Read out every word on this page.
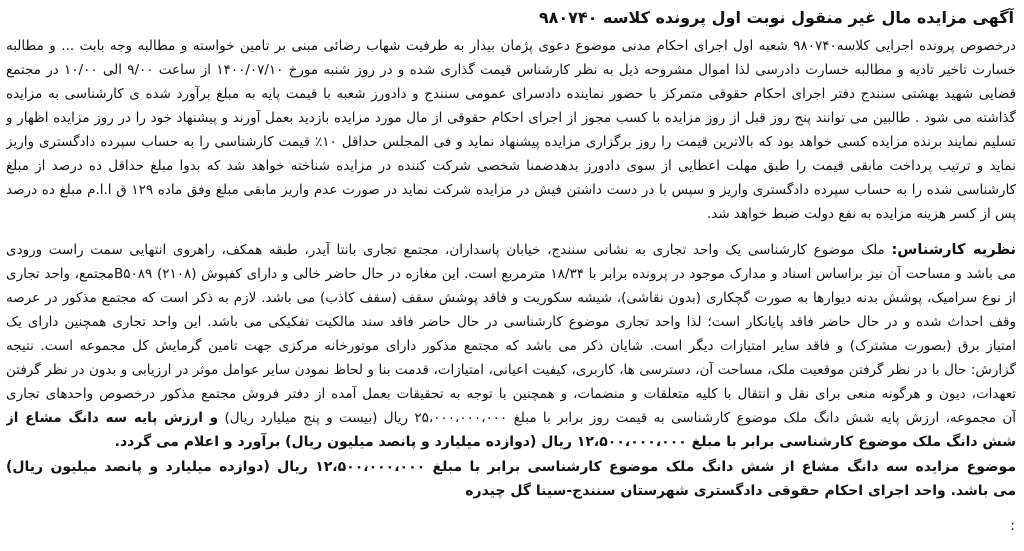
آگهی مزایده مال غیر منقول نوبت اول پرونده کلاسه ۹۸۰۷۴۰
درخصوص پرونده اجرایی کلاسه۹۸۰۷۴۰ شعبه اول اجرای احکام مدنی موضوع دعوی پژمان بیدار به طرفیت شهاب رضائی مبنی بر تامین خواسته و مطالبه وجه بابت ... و مطالبه
خسارت تاخیر تادیه و مطالبه خسارت دادرسی لذا اموال مشروحه ذیل به نظر کارشناس قیمت گذاری شده و در روز شنبه مورخ ۱۴۰۰/۰۷/۱۰ از ساعت ۹/۰۰ الی ۱۰/۰۰ در مجتمع
قضایی شهید بهشتی سنندج دفتر اجرای احکام حقوقی متمرکز با حضور نماینده دادسرای عمومی سنندج و دادورز شعبه با قیمت پایه به مبلغ برآورد شده ی کارشناسی به مزایده
گذاشته می شود . طالبین می توانند پنج روز قبل از روز مزایده با کسب مجوز از اجرای احکام حقوقی از مال مورد مزایده بازدید بعمل آورند و پیشنهاد خود را در روز مزایده اظهار و
تسلیم نمایند برنده مزایده کسی خواهد بود که بالاترین قیمت را روز برگزاری مزایده پیشنهاد نماید و فی المجلس حداقل ۱۰٪ قیمت کارشناسی را به حساب سپرده دادگستری واریز
نماید و ترتیب پرداخت مابقی قیمت را طبق مهلت اعطایی از سوی دادورز بدهدضمنا شخصی شرکت کننده در مزایده شناخته خواهد شد که بدوا مبلغ حداقل ده درصد از مبلغ
کارشناسی شده را به حساب سپرده دادگستری واریز و سپس با در دست داشتن فیش در مزایده شرکت نماید در صورت عدم واریز مابقی مبلغ وفق ماده ۱۲۹ ق ا.ا.م مبلغ ده درصد
پس از کسر هزینه مزایده به نفع دولت ضبط خواهد شد.
نظریه کارشناس: ملک موضوع کارشناسی یک واحد تجاری به نشانی سنندج، خیابان پاسداران، مجتمع تجاری بانتا آیدر، طبقه همکف، راهروی انتهایی سمت راست ورودی
می باشد و مساحت آن نیز براساس اسناد و مدارک موجود در پرونده برابر با ۱۸/۳۴ مترمربع است. این مغازه در حال حاضر خالی و دارای کفپوش (۲۱۰۸) B۵۰۸۹مجتمع، واحد تجاری
از نوع سرامیک، پوشش بدنه دیوارها به صورت گچکاری (بدون نقاشی)، شیشه سکوریت و فاقد پوشش سقف (سقف کاذب) می باشد. لازم به ذکر است که مجتمع مذکور در عرصه
وقف احداث شده و در حال حاضر فاقد پایانکار است؛ لذا واحد تجاری موضوع کارشناسی در حال حاضر فاقد سند مالکیت تفکیکی می باشد. این واحد تجاری همچنین دارای یک
امتیاز برق (بصورت مشترک) و فاقد سایر امتیازات دیگر است. شایان ذکر می باشد که مجتمع مذکور دارای موتورخانه مرکزی جهت تامین گرمایش کل مجموعه است. نتیجه
گزارش: حال با در نظر گرفتن موقعیت ملک، مساحت آن، دسترسی ها، کاربری، کیفیت اعیانی، امتیازات، قدمت بنا و لحاظ نمودن سایر عوامل موثر در ارزیابی و بدون در نظر گرفتن
تعهدات، دیون و هرگونه منعی برای نقل و انتقال با کلیه متعلقات و منضمات، و همچنین با توجه به تحقیقات بعمل آمده از دفتر فروش مجتمع مذکور درخصوص واحدهای تجاری
آن مجموعه، ارزش پایه شش دانگ ملک موضوع کارشناسی به قیمت روز برابر با مبلغ ۲۵،۰۰۰،۰۰۰،۰۰۰ ریال (بیست و پنج میلیارد ریال) و ارزش پایه سه دانگ مشاع از
شش دانگ ملک موضوع کارشناسی برابر با مبلغ ۱۲،۵۰۰،۰۰۰،۰۰۰ ریال (دوازده میلیارد و پانصد میلیون ریال) برآورد و اعلام می گردد.
موضوع مزایده سه دانگ مشاع از شش دانگ ملک موضوع کارشناسی برابر با مبلغ ۱۲،۵۰۰،۰۰۰،۰۰۰ ریال (دوازده میلیارد و پانصد میلیون ریال)
می باشد. واحد اجرای احکام حقوقی دادگستری شهرستان سنندج-سینا گل چیدره
:
